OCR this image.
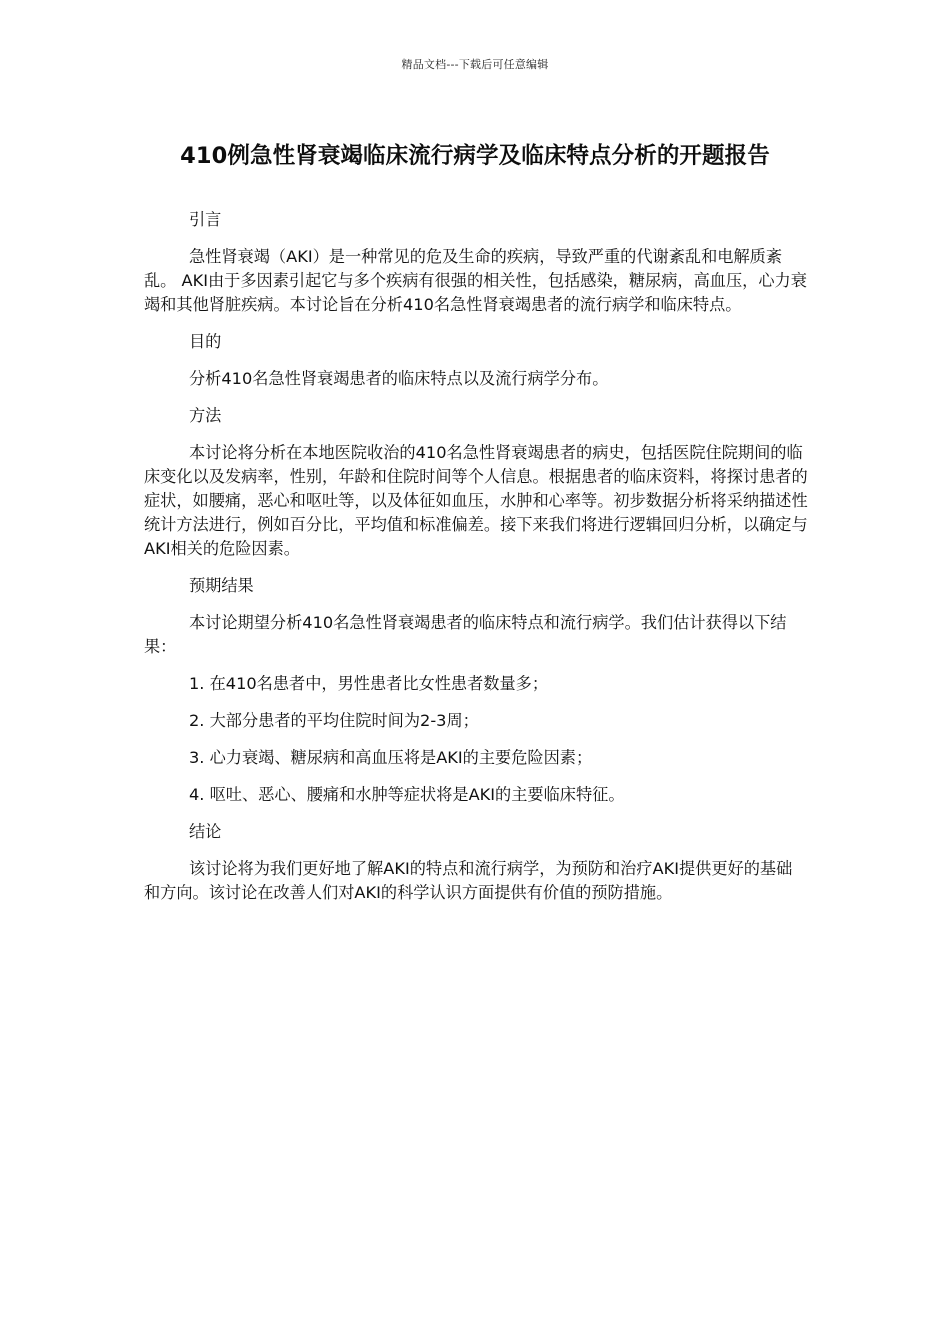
精品文档---下载后可任意编辑
410例急性肾衰竭临床流行病学及临床特点分析的开题报告

引言

急性肾衰竭（AKI）是一种常见的危及生命的疾病，导致严重的代谢紊乱和电解质紊乱。 AKI由于多因素引起它与多个疾病有很强的相关性，包括感染，糖尿病，高血压，心力衰竭和其他肾脏疾病。本讨论旨在分析410名急性肾衰竭患者的流行病学和临床特点。

目的

分析410名急性肾衰竭患者的临床特点以及流行病学分布。

方法

本讨论将分析在本地医院收治的410名急性肾衰竭患者的病史，包括医院住院期间的临床变化以及发病率，性别，年龄和住院时间等个人信息。根据患者的临床资料，将探讨患者的症状，如腰痛，恶心和呕吐等，以及体征如血压，水肿和心率等。初步数据分析将采纳描述性统计方法进行，例如百分比，平均值和标准偏差。接下来我们将进行逻辑回归分析，以确定与AKI相关的危险因素。

预期结果

本讨论期望分析410名急性肾衰竭患者的临床特点和流行病学。我们估计获得以下结果：

1. 在410名患者中，男性患者比女性患者数量多；

2. 大部分患者的平均住院时间为2-3周；

3. 心力衰竭、糖尿病和高血压将是AKI的主要危险因素；

4. 呕吐、恶心、腰痛和水肿等症状将是AKI的主要临床特征。

结论

该讨论将为我们更好地了解AKI的特点和流行病学，为预防和治疗AKI提供更好的基础和方向。该讨论在改善人们对AKI的科学认识方面提供有价值的预防措施。
